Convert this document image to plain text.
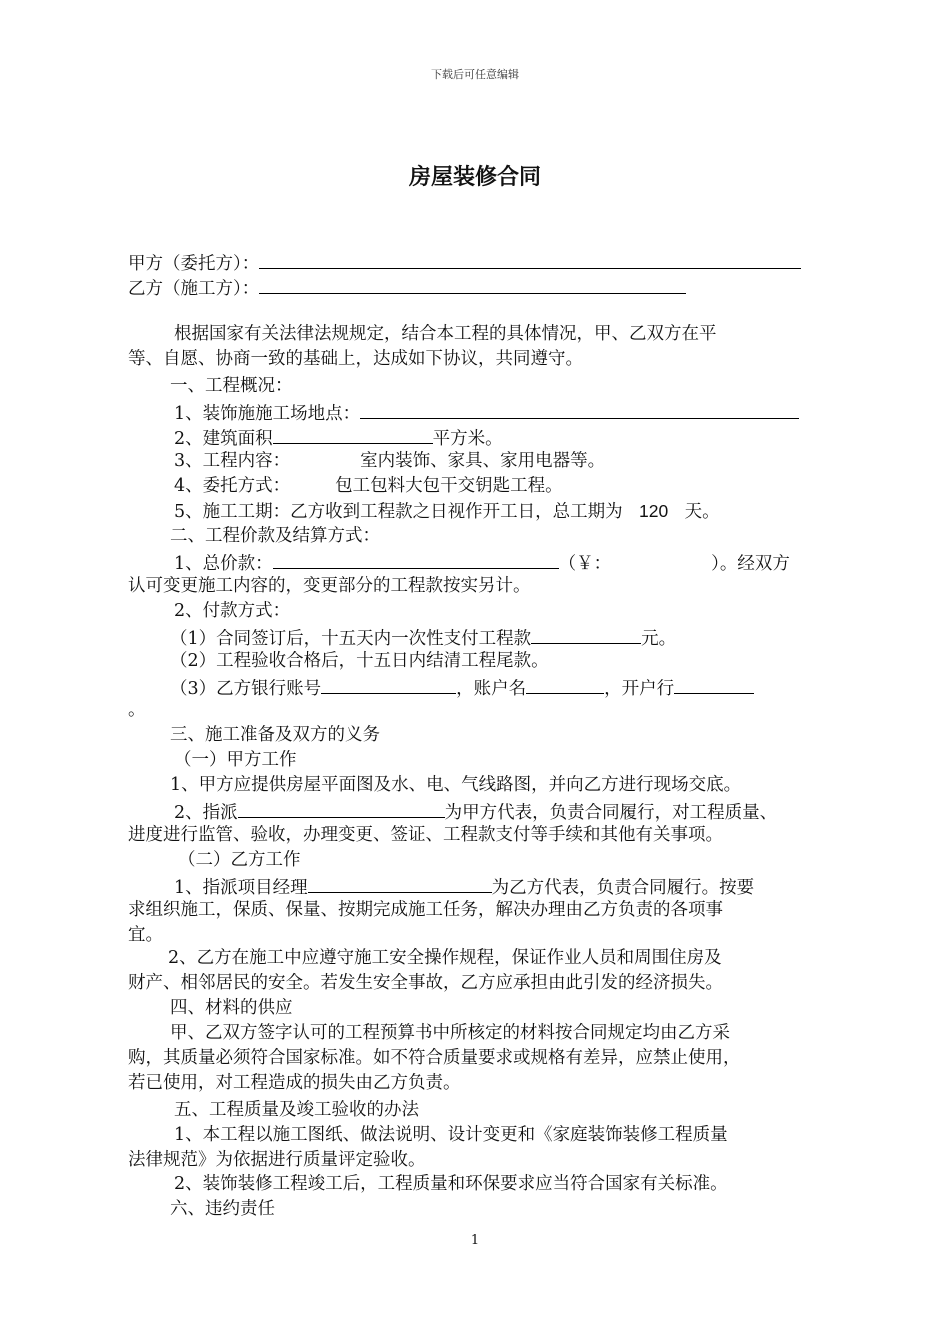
下载后可任意编辑
房屋装修合同
甲方（委托方）：
乙方（施工方）：
根据国家有关法律法规规定，结合本工程的具体情况，甲、乙双方在平
等、自愿、协商一致的基础上，达成如下协议，共同遵守。
一、工程概况：
1、装饰施施工场地点：
2、建筑面积	平方米。
3、工程内容：	室内装饰、家具、家用电器等。
4、委托方式：	包工包料大包干交钥匙工程。
5、施工工期：乙方收到工程款之日视作开工日，总工期为 120 天。
二、工程价款及结算方式：
1、总价款：	（￥：	）。经双方
认可变更施工内容的，变更部分的工程款按实另计。
2、付款方式：
（1）合同签订后，十五天内一次性支付工程款	元。
（2）工程验收合格后，十五日内结清工程尾款。
（3）乙方银行账号	，账户名	，开户行
。
三、施工准备及双方的义务
（一）甲方工作
1、甲方应提供房屋平面图及水、电、气线路图，并向乙方进行现场交底。
2、指派	为甲方代表，负责合同履行，对工程质量、
进度进行监管、验收，办理变更、签证、工程款支付等手续和其他有关事项。
（二）乙方工作
1、指派项目经理	为乙方代表，负责合同履行。按要
求组织施工，保质、保量、按期完成施工任务，解决办理由乙方负责的各项事
宜。
2、乙方在施工中应遵守施工安全操作规程，保证作业人员和周围住房及
财产、相邻居民的安全。若发生安全事故，乙方应承担由此引发的经济损失。
四、材料的供应
甲、乙双方签字认可的工程预算书中所核定的材料按合同规定均由乙方采
购，其质量必须符合国家标准。如不符合质量要求或规格有差异，应禁止使用，
若已使用，对工程造成的损失由乙方负责。
五、工程质量及竣工验收的办法
1、本工程以施工图纸、做法说明、设计变更和《家庭装饰装修工程质量
法律规范》为依据进行质量评定验收。
2、装饰装修工程竣工后，工程质量和环保要求应当符合国家有关标准。
六、违约责任
1
